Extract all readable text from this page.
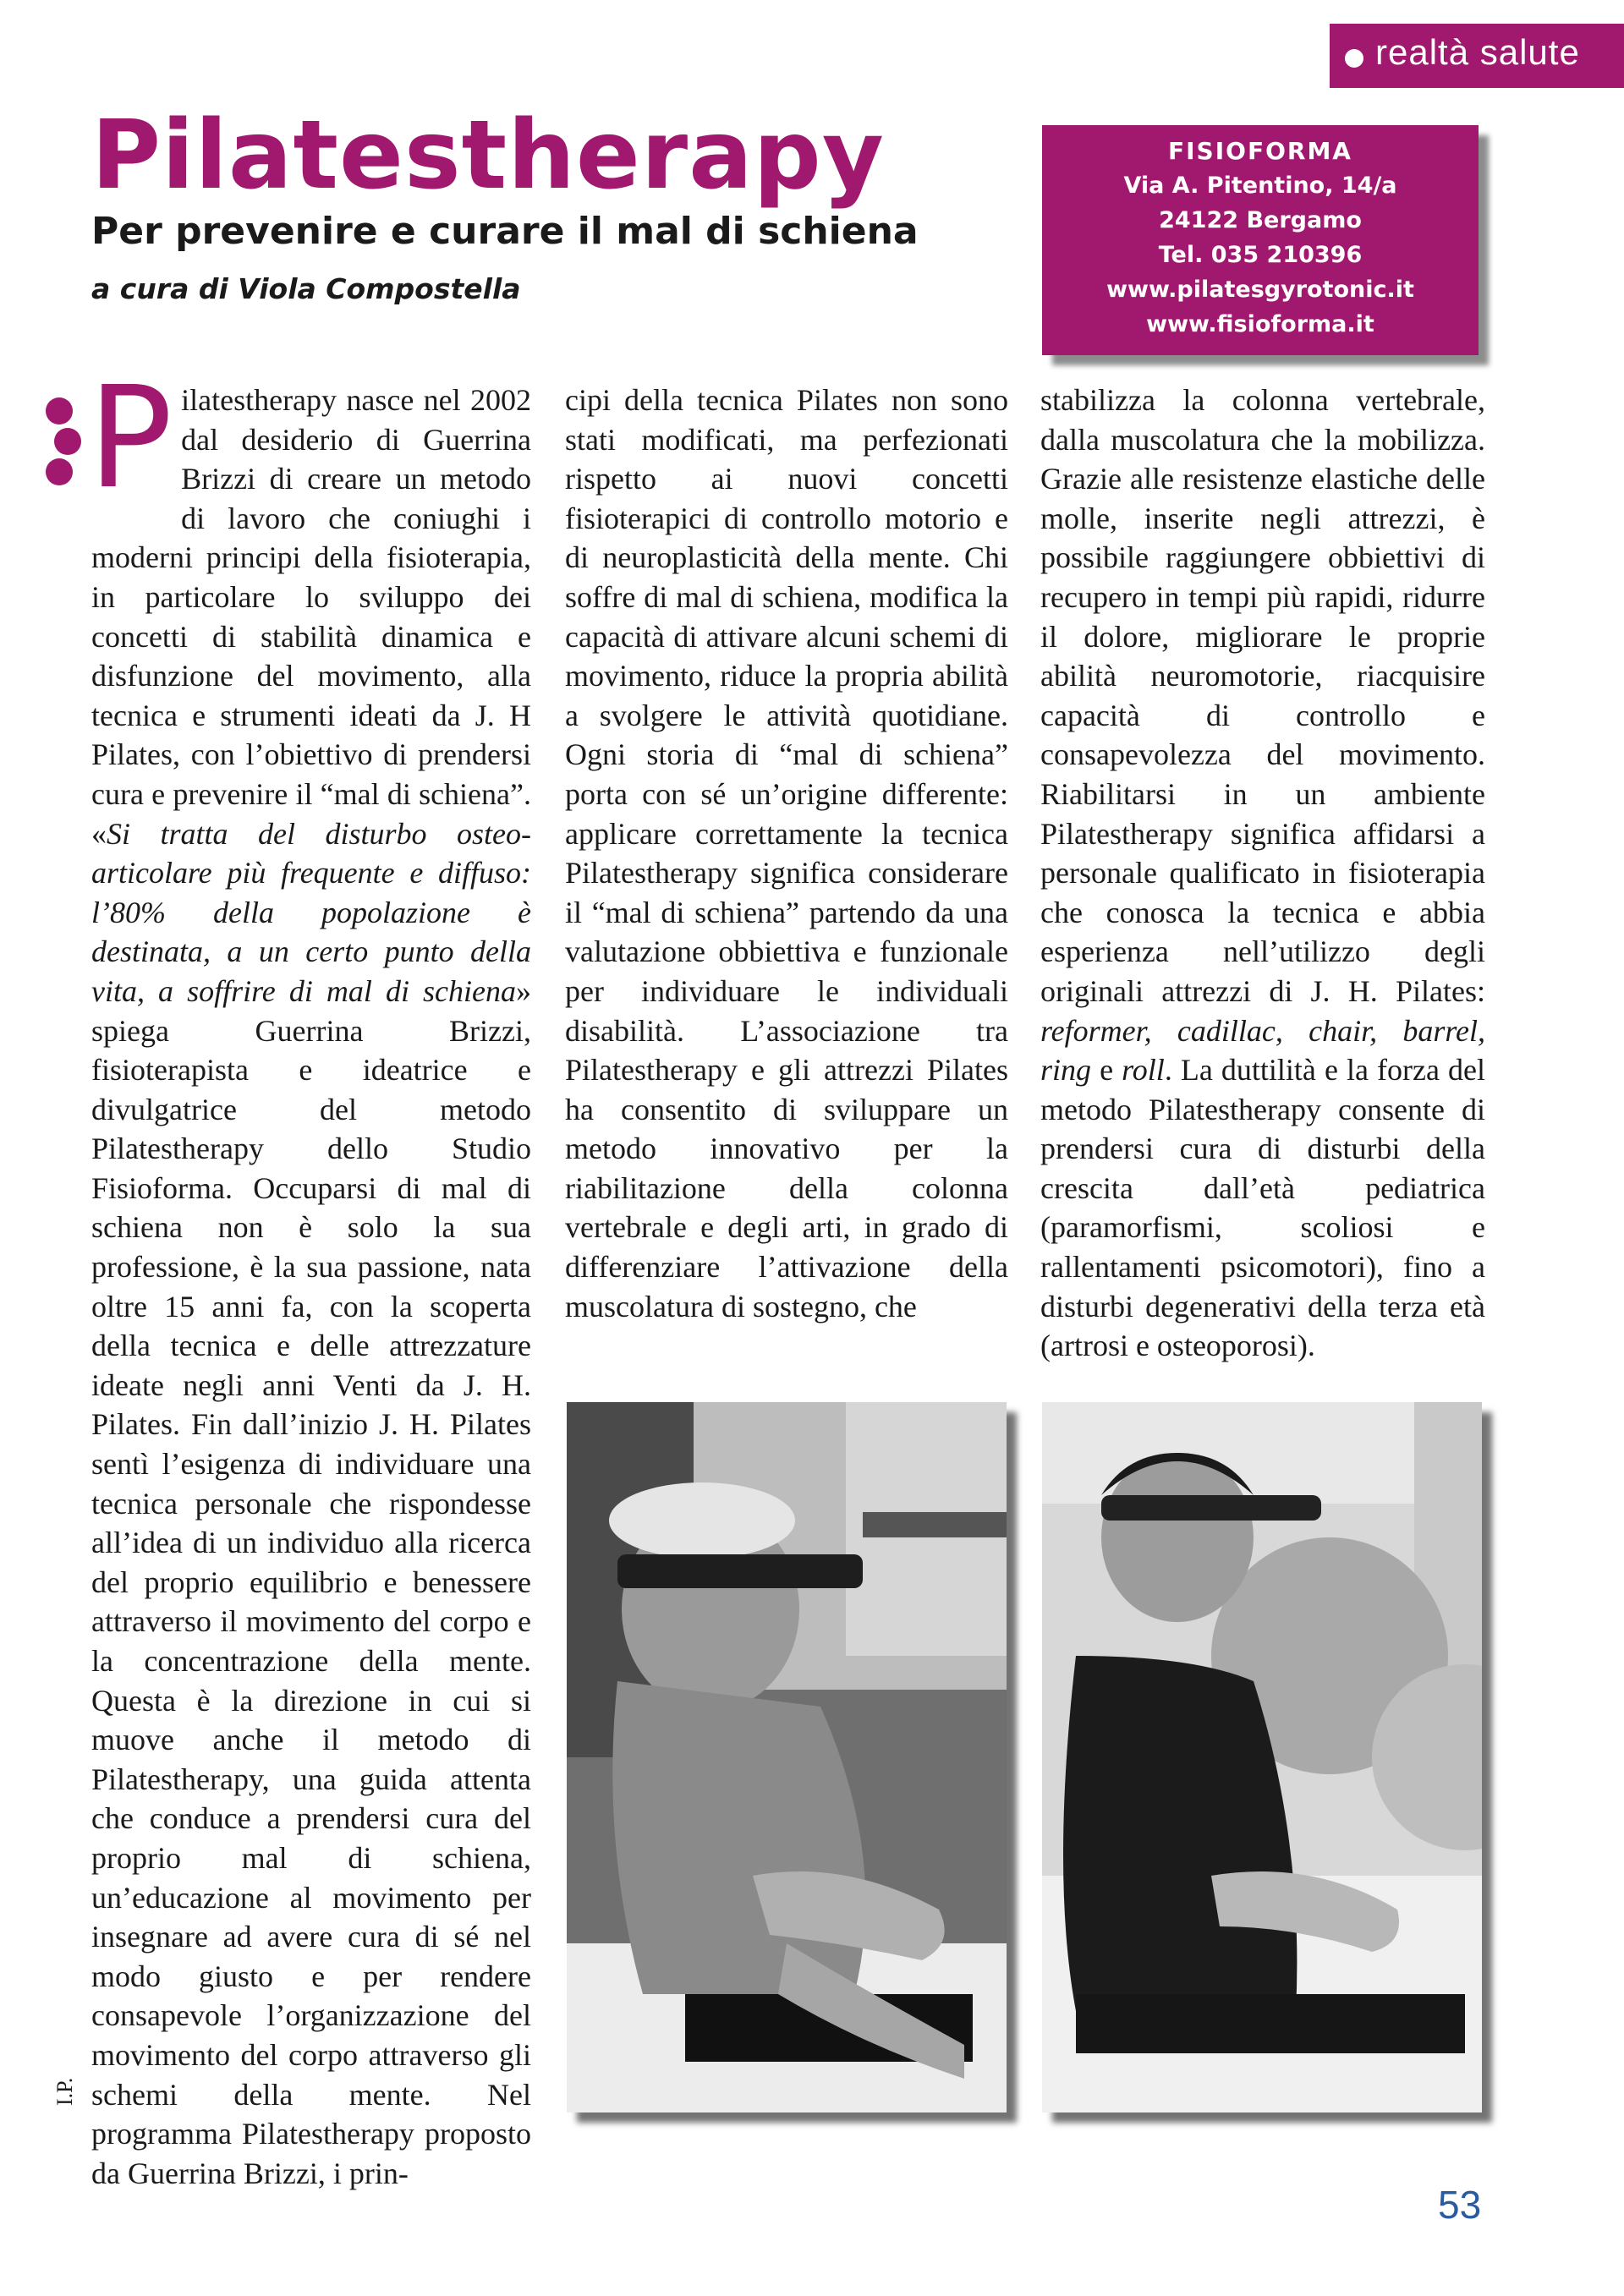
realtà salute
Pilatestherapy
Per prevenire e curare il mal di schiena
a cura di Viola Compostella
FISIOFORMA
Via A. Pitentino, 14/a
24122 Bergamo
Tel. 035 210396
www.pilatesgyrotonic.it
www.fisioforma.it

P ilatestherapy nasce nel 2002 dal desiderio di Guerrina Brizzi di creare un metodo di lavoro che coniughi i moderni principi della fisioterapia, in particolare lo sviluppo dei concetti di stabilità dinamica e disfunzione del movimento, alla tecnica e strumenti ideati da J. H Pilates, con l’obiettivo di prendersi cura e prevenire il “mal di schiena”. «Si tratta del disturbo osteo-articolare più frequente e diffuso: l’80% della popolazione è destinata, a un certo punto della vita, a soffrire di mal di schiena» spiega Guerrina Brizzi, fisioterapista e ideatrice e divulgatrice del metodo Pilatestherapy dello Studio Fisioforma. Occuparsi di mal di schiena non è solo la sua professione, è la sua passione, nata oltre 15 anni fa, con la scoperta della tecnica e delle attrezzature ideate negli anni Venti da J. H. Pilates. Fin dall’inizio J. H. Pilates sentì l’esigenza di individuare una tecnica personale che rispondesse all’idea di un individuo alla ricerca del proprio equilibrio e benessere attraverso il movimento del corpo e la concentrazione della mente. Questa è la direzione in cui si muove anche il metodo di Pilatestherapy, una guida attenta che conduce a prendersi cura del proprio mal di schiena, un’educazione al movimento per insegnare ad avere cura di sé nel modo giusto e per rendere consapevole l’organizzazione del movimento del corpo attraverso gli schemi della mente. Nel programma Pilatestherapy proposto da Guerrina Brizzi, i prin-

cipi della tecnica Pilates non sono stati modificati, ma perfezionati rispetto ai nuovi concetti fisioterapici di controllo motorio e di neuroplasticità della mente. Chi soffre di mal di schiena, modifica la capacità di attivare alcuni schemi di movimento, riduce la propria abilità a svolgere le attività quotidiane. Ogni storia di “mal di schiena” porta con sé un’origine differente: applicare correttamente la tecnica Pilatestherapy significa considerare il “mal di schiena” partendo da una valutazione obbiettiva e funzionale per individuare le individuali disabilità. L’associazione tra Pilatestherapy e gli attrezzi Pilates ha consentito di sviluppare un metodo innovativo per la riabilitazione della colonna vertebrale e degli arti, in grado di differenziare l’attivazione della muscolatura di sostegno, che

stabilizza la colonna vertebrale, dalla muscolatura che la mobilizza. Grazie alle resistenze elastiche delle molle, inserite negli attrezzi, è possibile raggiungere obbiettivi di recupero in tempi più rapidi, ridurre il dolore, migliorare le proprie abilità neuromotorie, riacquisire capacità di controllo e consapevolezza del movimento. Riabilitarsi in un ambiente Pilatestherapy significa affidarsi a personale qualificato in fisioterapia che conosca la tecnica e abbia esperienza nell’utilizzo degli originali attrezzi di J. H. Pilates: reformer, cadillac, chair, barrel, ring e roll. La duttilità e la forza del metodo Pilatestherapy consente di prendersi cura di disturbi della crescita dall’età pediatrica (paramorfismi, scoliosi e rallentamenti psicomotori), fino a disturbi degenerativi della terza età (artrosi e osteoporosi).

I.P.
53
